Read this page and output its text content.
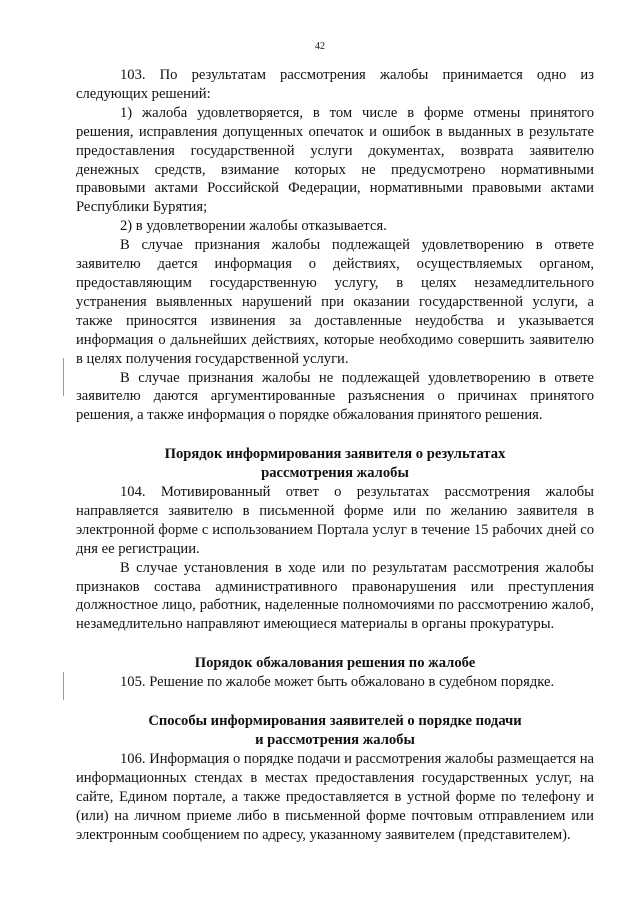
42

103. По результатам рассмотрения жалобы принимается одно из следующих решений:

1) жалоба удовлетворяется, в том числе в форме отмены принятого решения, исправления допущенных опечаток и ошибок в выданных в результате предоставления государственной услуги документах, возврата заявителю денежных средств, взимание которых не предусмотрено нормативными правовыми актами Российской Федерации, нормативными правовыми актами Республики Бурятия;

2) в удовлетворении жалобы отказывается.

В случае признания жалобы подлежащей удовлетворению в ответе заявителю дается информация о действиях, осуществляемых органом, предоставляющим государственную услугу, в целях незамедлительного устранения выявленных нарушений при оказании государственной услуги, а также приносятся извинения за доставленные неудобства и указывается информация о дальнейших действиях, которые необходимо совершить заявителю в целях получения государственной услуги.

В случае признания жалобы не подлежащей удовлетворению в ответе заявителю даются аргументированные разъяснения о причинах принятого решения, а также информация о порядке обжалования принятого решения.

Порядок информирования заявителя о результатах
рассмотрения жалобы

104. Мотивированный ответ о результатах рассмотрения жалобы направляется заявителю в письменной форме или по желанию заявителя в электронной форме с использованием Портала услуг в течение 15 рабочих дней со дня ее регистрации.

В случае установления в ходе или по результатам рассмотрения жалобы признаков состава административного правонарушения или преступления должностное лицо, работник, наделенные полномочиями по рассмотрению жалоб, незамедлительно направляют имеющиеся материалы в органы прокуратуры.

Порядок обжалования решения по жалобе

105. Решение по жалобе может быть обжаловано в судебном порядке.

Способы информирования заявителей о порядке подачи
и рассмотрения жалобы

106. Информация о порядке подачи и рассмотрения жалобы размещается на информационных стендах в местах предоставления государственных услуг, на сайте, Едином портале, а также предоставляется в устной форме по телефону и (или) на личном приеме либо в письменной форме почтовым отправлением или электронным сообщением по адресу, указанному заявителем (представителем).
